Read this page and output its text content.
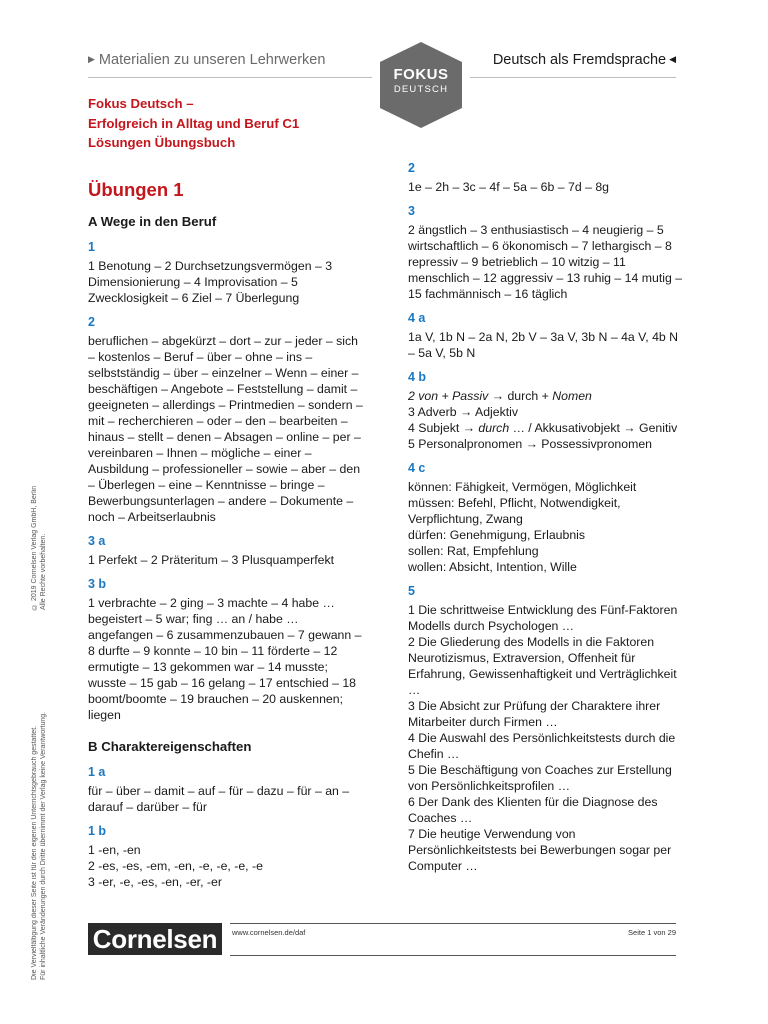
▶ Materialien zu unseren Lehrwerken	Deutsch als Fremdsprache ◀
FOKUS
DEUTSCH
Fokus Deutsch –
Erfolgreich in Alltag und Beruf C1
Lösungen Übungsbuch
Übungen 1
A Wege in den Beruf
1
1 Benotung – 2 Durchsetzungsvermögen – 3 Dimensionierung – 4 Improvisation – 5 Zwecklosigkeit – 6 Ziel – 7 Überlegung
2
beruflichen – abgekürzt – dort – zur – jeder – sich – kostenlos – Beruf – über – ohne – ins – selbstständig – über – einzelner – Wenn – einer – beschäftigen – Angebote – Feststellung – damit – geeigneten – allerdings – Printmedien – sondern – mit – recherchieren – oder – den – bearbeiten – hinaus – stellt – denen – Absagen – online – per – vereinbaren – Ihnen – mögliche – einer – Ausbildung – professioneller – sowie – aber – den – Überlegen – eine – Kenntnisse – bringe – Bewerbungsunterlagen – andere – Dokumente – noch – Arbeitserlaubnis
3 a
1 Perfekt – 2 Präteritum – 3 Plusquamperfekt
3 b
1 verbrachte – 2 ging – 3 machte – 4 habe … begeistert – 5 war; fing … an / habe … angefangen – 6 zusammenzubauen – 7 gewann – 8 durfte – 9 konnte – 10 bin – 11 förderte – 12 ermutigte – 13 gekommen war – 14 musste; wusste – 15 gab – 16 gelang – 17 entschied – 18 boomt/boomte – 19 brauchen – 20 auskennen; liegen
B Charaktereigenschaften
1 a
für – über – damit – auf – für – dazu – für – an – darauf – darüber – für
1 b
1 -en, -en
2 -es, -es, -em, -en, -e, -e, -e, -e
3 -er, -e, -es, -en, -er, -er
2
1e – 2h – 3c – 4f – 5a – 6b – 7d – 8g
3
2 ängstlich – 3 enthusiastisch – 4 neugierig – 5 wirtschaftlich – 6 ökonomisch – 7 lethargisch – 8 repressiv – 9 betrieblich – 10 witzig – 11 menschlich – 12 aggressiv – 13 ruhig – 14 mutig – 15 fachmännisch – 16 täglich
4 a
1a V, 1b N – 2a N, 2b V – 3a V, 3b N – 4a V, 4b N – 5a V, 5b N
4 b
2 von + Passiv → durch + Nomen
3 Adverb → Adjektiv
4 Subjekt → durch … / Akkusativobjekt → Genitiv
5 Personalpronomen → Possessivpronomen
4 c
können: Fähigkeit, Vermögen, Möglichkeit
müssen: Befehl, Pflicht, Notwendigkeit, Verpflichtung, Zwang
dürfen: Genehmigung, Erlaubnis
sollen: Rat, Empfehlung
wollen: Absicht, Intention, Wille
5
1 Die schrittweise Entwicklung des Fünf-Faktoren Modells durch Psychologen …
2 Die Gliederung des Modells in die Faktoren Neurotizismus, Extraversion, Offenheit für Erfahrung, Gewissenhaftigkeit und Verträglichkeit …
3 Die Absicht zur Prüfung der Charaktere ihrer Mitarbeiter durch Firmen …
4 Die Auswahl des Persönlichkeitstests durch die Chefin …
5 Die Beschäftigung von Coaches zur Erstellung von Persönlichkeitsprofilen …
6 Der Dank des Klienten für die Diagnose des Coaches …
7 Die heutige Verwendung von Persönlichkeitstests bei Bewerbungen sogar per Computer …
© 2019 Cornelsen Verlag GmbH, Berlin Alle Rechte vorbehalten.
Die Vervielfältigung dieser Seite ist für den eigenen Unterrichtsgebrauch gestattet. Für inhaltliche Veränderungen durch Dritte übernimmt der Verlag keine Verantwortung. Cornelsen	www.cornelsen.de/daf	Seite 1 von 29
